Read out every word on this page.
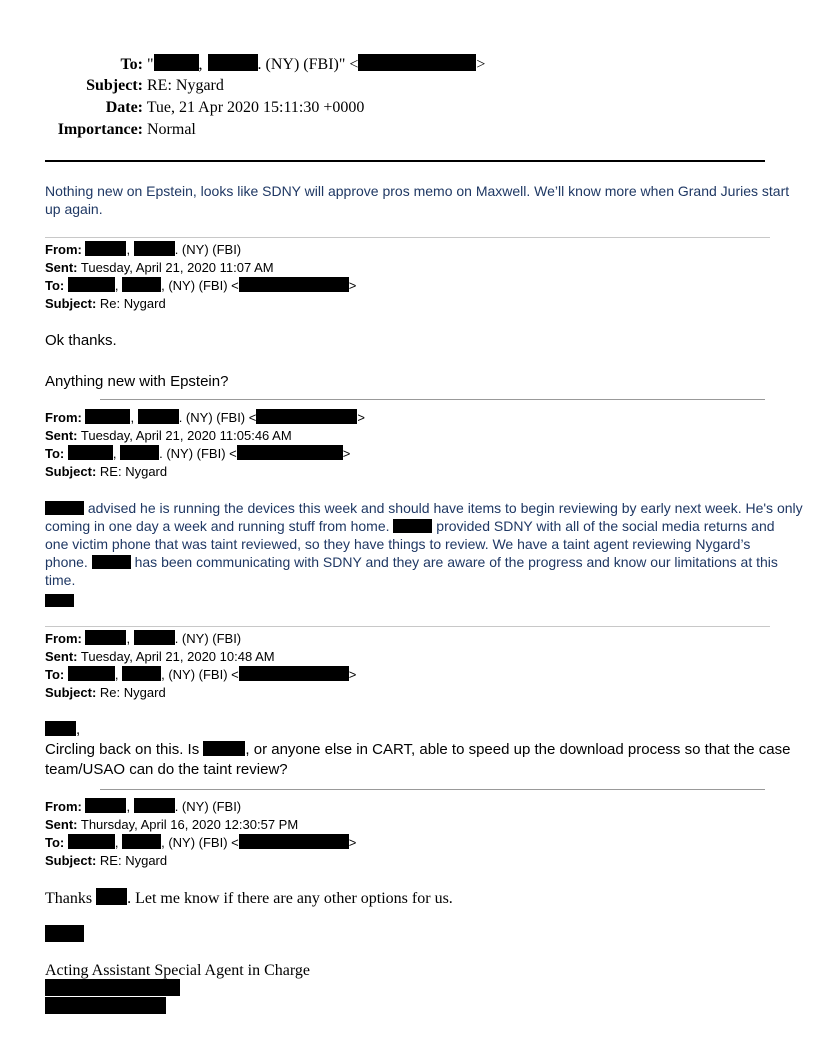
To: "	,	. (NY) (FBI)" <	>
Subject: RE: Nygard
Date: Tue, 21 Apr 2020 15:11:30 +0000
Importance: Normal
Nothing new on Epstein, looks like SDNY will approve pros memo on Maxwell. We’ll know more when Grand Juries start
up again.
From:	,	. (NY) (FBI)
Sent: Tuesday, April 21, 2020 11:07 AM
To:	,	, (NY) (FBI) <	>
Subject: Re: Nygard
Ok thanks.
Anything new with Epstein?
From:	,	. (NY) (FBI) <	>
Sent: Tuesday, April 21, 2020 11:05:46 AM
To:	,	. (NY) (FBI) <	>
Subject: RE: Nygard
advised he is running the devices this week and should have items to begin reviewing by early next week. He's only
coming in one day a week and running stuff from home.	provided SDNY with all of the social media returns and
one victim phone that was taint reviewed, so they have things to review. We have a taint agent reviewing Nygard’s
phone.	has been communicating with SDNY and they are aware of the progress and know our limitations at this
time.
From:	,	. (NY) (FBI)
Sent: Tuesday, April 21, 2020 10:48 AM
To:	,	, (NY) (FBI) <	>
Subject: Re: Nygard
,
Circling back on this. Is	, or anyone else in CART, able to speed up the download process so that the case
team/USAO can do the taint review?
From:	,	. (NY) (FBI)
Sent: Thursday, April 16, 2020 12:30:57 PM
To:	,	, (NY) (FBI) <	>
Subject: RE: Nygard
Thanks . Let me know if there are any other options for us.
Acting Assistant Special Agent in Charge
